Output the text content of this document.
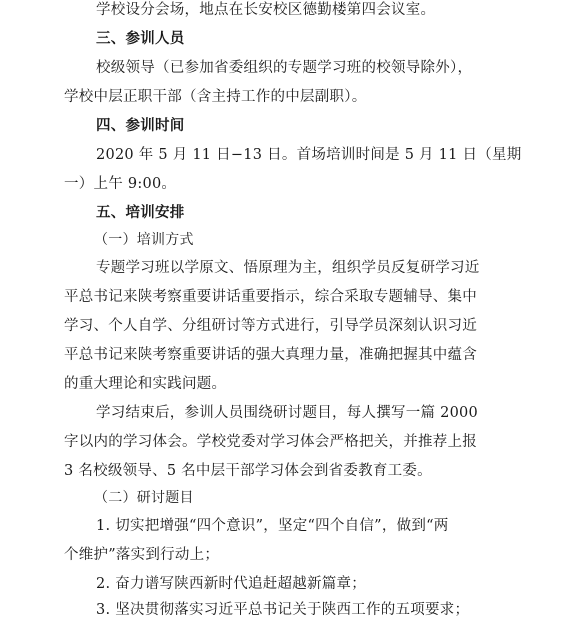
学校设分会场，地点在长安校区德勤楼第四会议室。
三、参训人员
校级领导（已参加省委组织的专题学习班的校领导除外），
学校中层正职干部（含主持工作的中层副职）。
四、参训时间
2020 年 5 月 11 日−13 日。首场培训时间是 5 月 11 日（星期
一）上午 9:00。
五、培训安排
（一）培训方式
专题学习班以学原文、悟原理为主，组织学员反复研学习近
平总书记来陕考察重要讲话重要指示，综合采取专题辅导、集中
学习、个人自学、分组研讨等方式进行，引导学员深刻认识习近
平总书记来陕考察重要讲话的强大真理力量，准确把握其中蕴含
的重大理论和实践问题。
学习结束后，参训人员围绕研讨题目，每人撰写一篇 2000
字以内的学习体会。学校党委对学习体会严格把关，并推荐上报
3 名校级领导、5 名中层干部学习体会到省委教育工委。
（二）研讨题目
1. 切实把增强“四个意识”，坚定“四个自信”，做到“两
个维护”落实到行动上；
2. 奋力谱写陕西新时代追赶超越新篇章；
3. 坚决贯彻落实习近平总书记关于陕西工作的五项要求；
